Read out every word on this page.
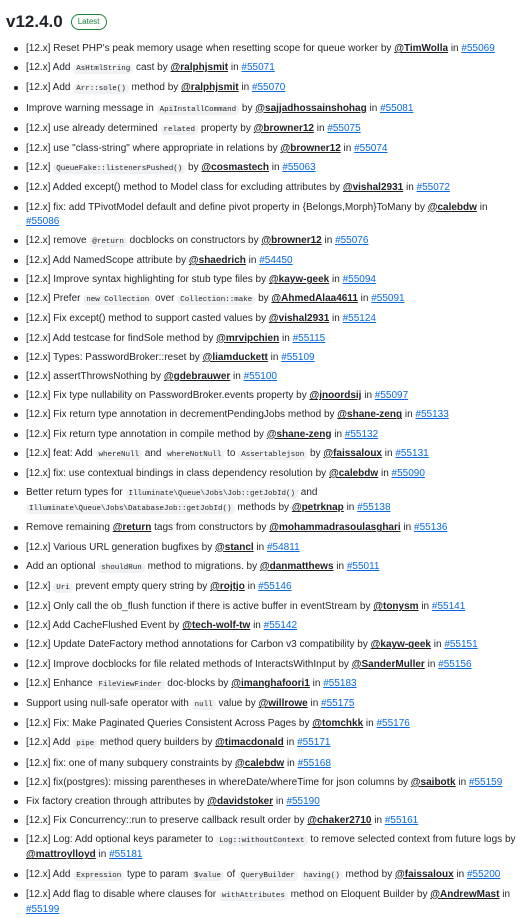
v12.4.0	Latest
[12.x] Reset PHP's peak memory usage when resetting scope for queue worker by @TimWolla in #55069
[12.x] Add AsHtmlString cast by @ralphjsmit in #55071
[12.x] Add Arr::sole() method by @ralphjsmit in #55070
Improve warning message in ApiInstallCommand by @sajjadhossainshohag in #55081
[12.x] use already determined related property by @browner12 in #55075
[12.x] use "class-string" where appropriate in relations by @browner12 in #55074
[12.x] QueueFake::listenersPushed() by @cosmastech in #55063
[12.x] Added except() method to Model class for excluding attributes by @vishal2931 in #55072
[12.x] fix: add TPivotModel default and define pivot property in {Belongs,Morph}ToMany by @calebdw in #55086
[12.x] remove @return docblocks on constructors by @browner12 in #55076
[12.x] Add NamedScope attribute by @shaedrich in #54450
[12.x] Improve syntax highlighting for stub type files by @kayw-geek in #55094
[12.x] Prefer new Collection over Collection::make by @AhmedAlaa4611 in #55091
[12.x] Fix except() method to support casted values by @vishal2931 in #55124
[12.x] Add testcase for findSole method by @mrvipchien in #55115
[12.x] Types: PasswordBroker::reset by @liamduckett in #55109
[12.x] assertThrowsNothing by @gdebrauwer in #55100
[12.x] Fix type nullability on PasswordBroker.events property by @jnoordsij in #55097
[12.x] Fix return type annotation in decrementPendingJobs method by @shane-zeng in #55133
[12.x] Fix return type annotation in compile method by @shane-zeng in #55132
[12.x] feat: Add whereNull and whereNotNull to Assertablejson by @faissaloux in #55131
[12.x] fix: use contextual bindings in class dependency resolution by @calebdw in #55090
Better return types for Illuminate\Queue\Jobs\Job::getJobId() and Illuminate\Queue\Jobs\DatabaseJob::getJobId() methods by @petrknap in #55138
Remove remaining @return tags from constructors by @mohammadrasoulasghari in #55136
[12.x] Various URL generation bugfixes by @stancl in #54811
Add an optional shouldRun method to migrations. by @danmatthews in #55011
[12.x] Uri prevent empty query string by @rojtjo in #55146
[12.x] Only call the ob_flush function if there is active buffer in eventStream by @tonysm in #55141
[12.x] Add CacheFlushed Event by @tech-wolf-tw in #55142
[12.x] Update DateFactory method annotations for Carbon v3 compatibility by @kayw-geek in #55151
[12.x] Improve docblocks for file related methods of InteractsWithInput by @SanderMuller in #55156
[12.x] Enhance FileViewFinder doc-blocks by @imanghafoori1 in #55183
Support using null-safe operator with null value by @willrowe in #55175
[12.x] Fix: Make Paginated Queries Consistent Across Pages by @tomchkk in #55176
[12.x] Add pipe method query builders by @timacdonald in #55171
[12.x] fix: one of many subquery constraints by @calebdw in #55168
[12.x] fix(postgres): missing parentheses in whereDate/whereTime for json columns by @saibotk in #55159
Fix factory creation through attributes by @davidstoker in #55190
[12.x] Fix Concurrency::run to preserve callback result order by @chaker2710 in #55161
[12.x] Log: Add optional keys parameter to Log::withoutContext to remove selected context from future logs by @mattroylloyd in #55181
[12.x] Add Expression type to param $value of QueryBuilder having() method by @faissaloux in #55200
[12.x] Add flag to disable where clauses for withAttributes method on Eloquent Builder by @AndrewMast in #55199
